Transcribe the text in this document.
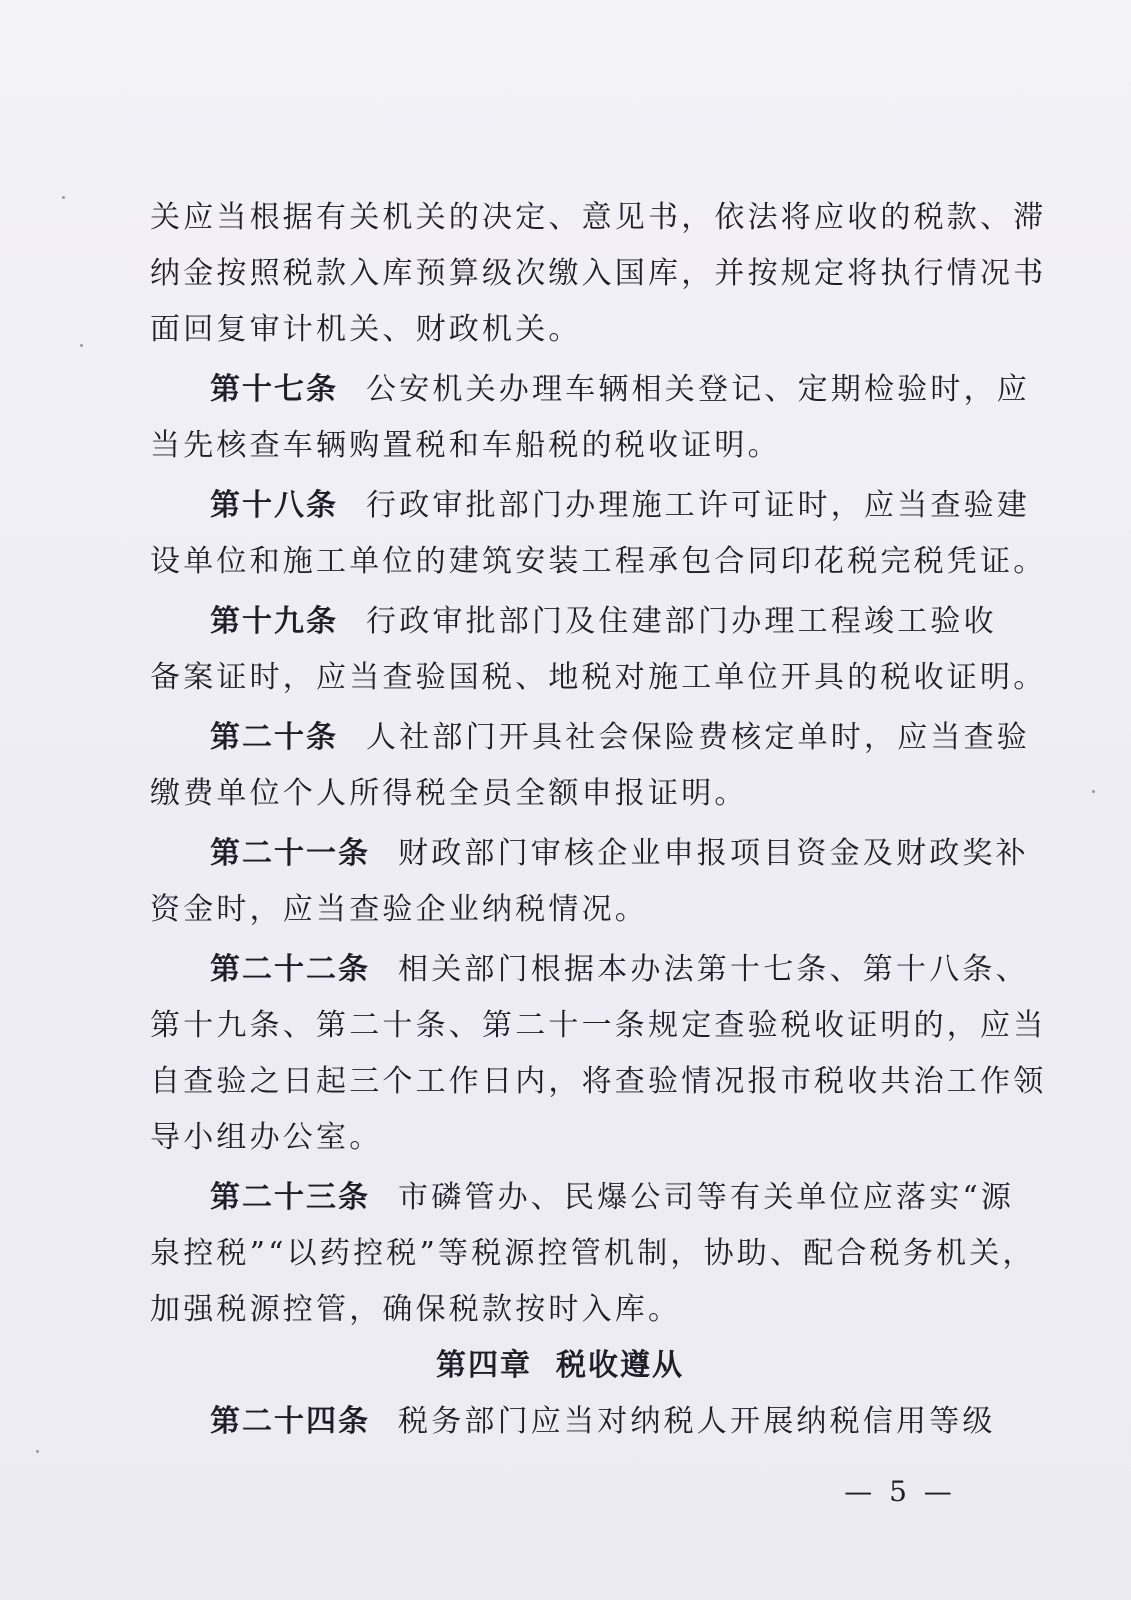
关应当根据有关机关的决定、意见书，依法将应收的税款、滞
纳金按照税款入库预算级次缴入国库，并按规定将执行情况书
面回复审计机关、财政机关。
第十七条 公安机关办理车辆相关登记、定期检验时，应
当先核查车辆购置税和车船税的税收证明。
第十八条 行政审批部门办理施工许可证时，应当查验建
设单位和施工单位的建筑安装工程承包合同印花税完税凭证。
第十九条 行政审批部门及住建部门办理工程竣工验收
备案证时，应当查验国税、地税对施工单位开具的税收证明。
第二十条 人社部门开具社会保险费核定单时，应当查验
缴费单位个人所得税全员全额申报证明。
第二十一条 财政部门审核企业申报项目资金及财政奖补
资金时，应当查验企业纳税情况。
第二十二条 相关部门根据本办法第十七条、第十八条、
第十九条、第二十条、第二十一条规定查验税收证明的，应当
自查验之日起三个工作日内，将查验情况报市税收共治工作领
导小组办公室。
第二十三条 市磷管办、民爆公司等有关单位应落实“源
泉控税”“以药控税”等税源控管机制，协助、配合税务机关，
加强税源控管，确保税款按时入库。
第四章 税收遵从
第二十四条 税务部门应当对纳税人开展纳税信用等级
— 5 —
